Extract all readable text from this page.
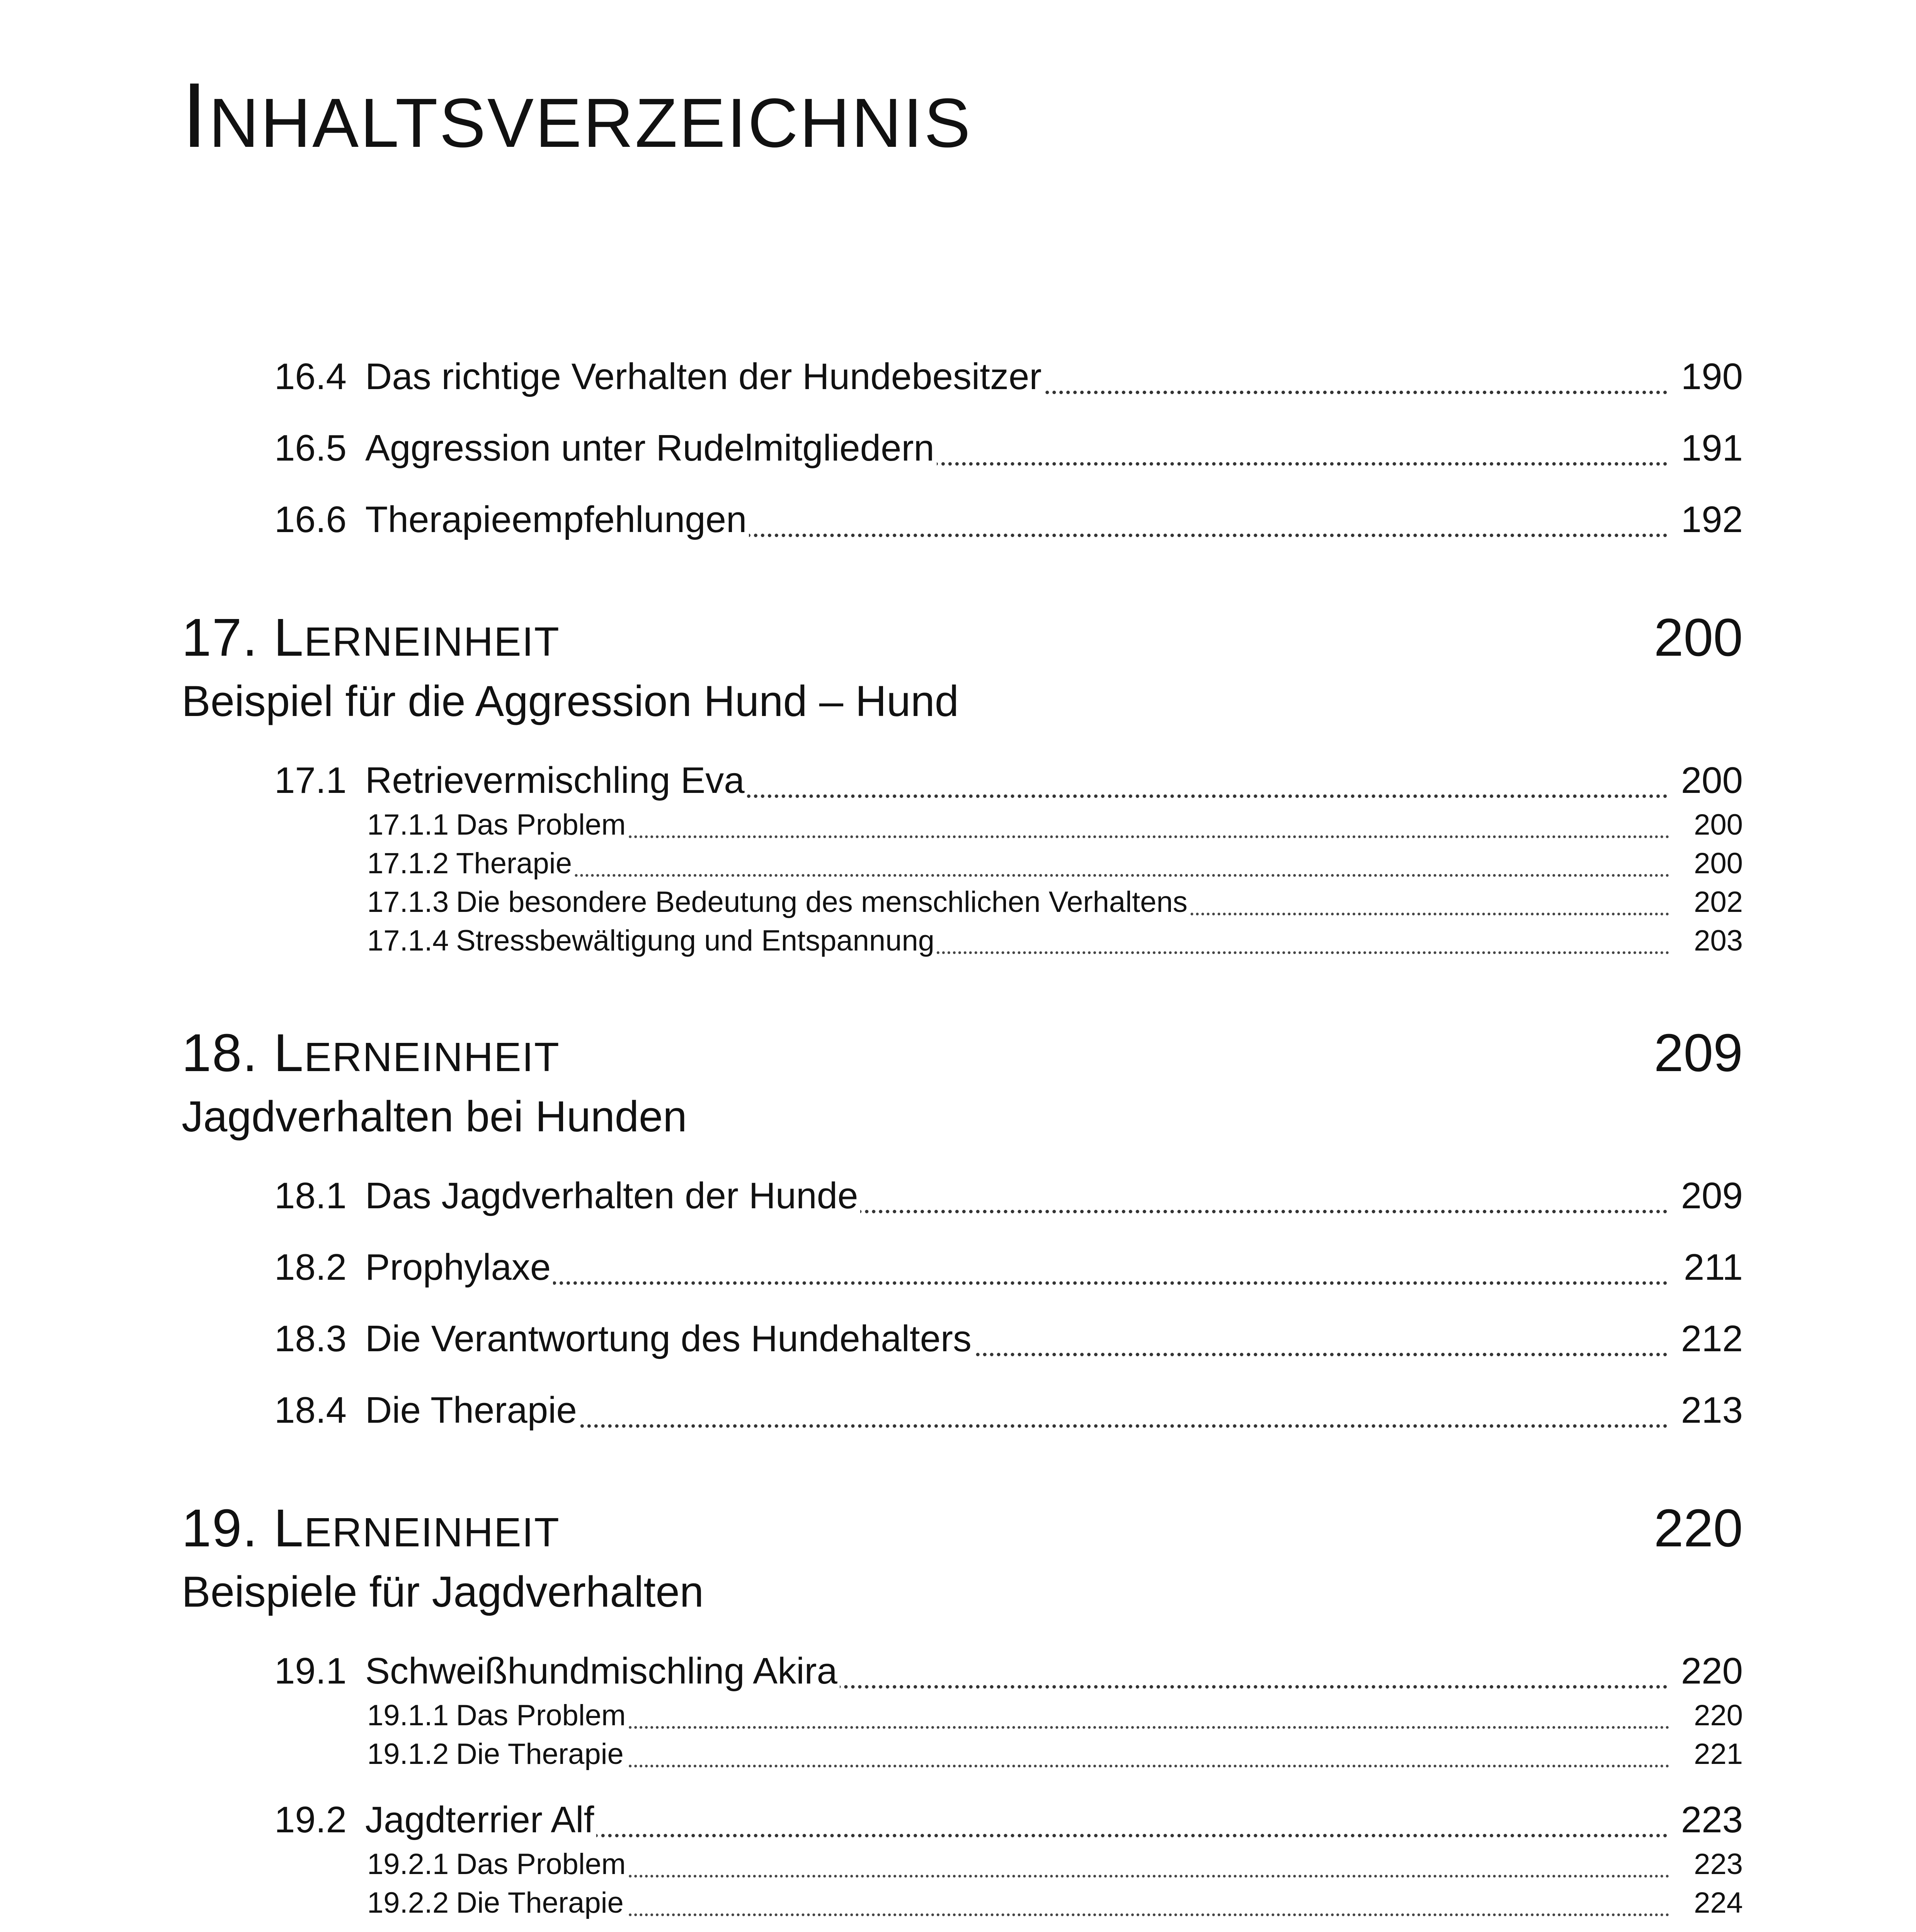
INHALTSVERZEICHNIS
16.4 Das richtige Verhalten der Hundebesitzer	190
16.5 Aggression unter Rudelmitgliedern	191
16.6 Therapieempfehlungen	192
17. LERNEINHEIT	200
Beispiel für die Aggression Hund – Hund
17.1 Retrievermischling Eva	200
17.1.1 Das Problem	200
17.1.2 Therapie	200
17.1.3 Die besondere Bedeutung des menschlichen Verhaltens	202
17.1.4 Stressbewältigung und Entspannung	203
18. LERNEINHEIT	209
Jagdverhalten bei Hunden
18.1 Das Jagdverhalten der Hunde	209
18.2 Prophylaxe	211
18.3 Die Verantwortung des Hundehalters	212
18.4 Die Therapie	213
19. LERNEINHEIT	220
Beispiele für Jagdverhalten
19.1 Schweißhundmischling Akira	220
19.1.1 Das Problem	220
19.1.2 Die Therapie	221
19.2 Jagdterrier Alf	223
19.2.1 Das Problem	223
19.2.2 Die Therapie	224
